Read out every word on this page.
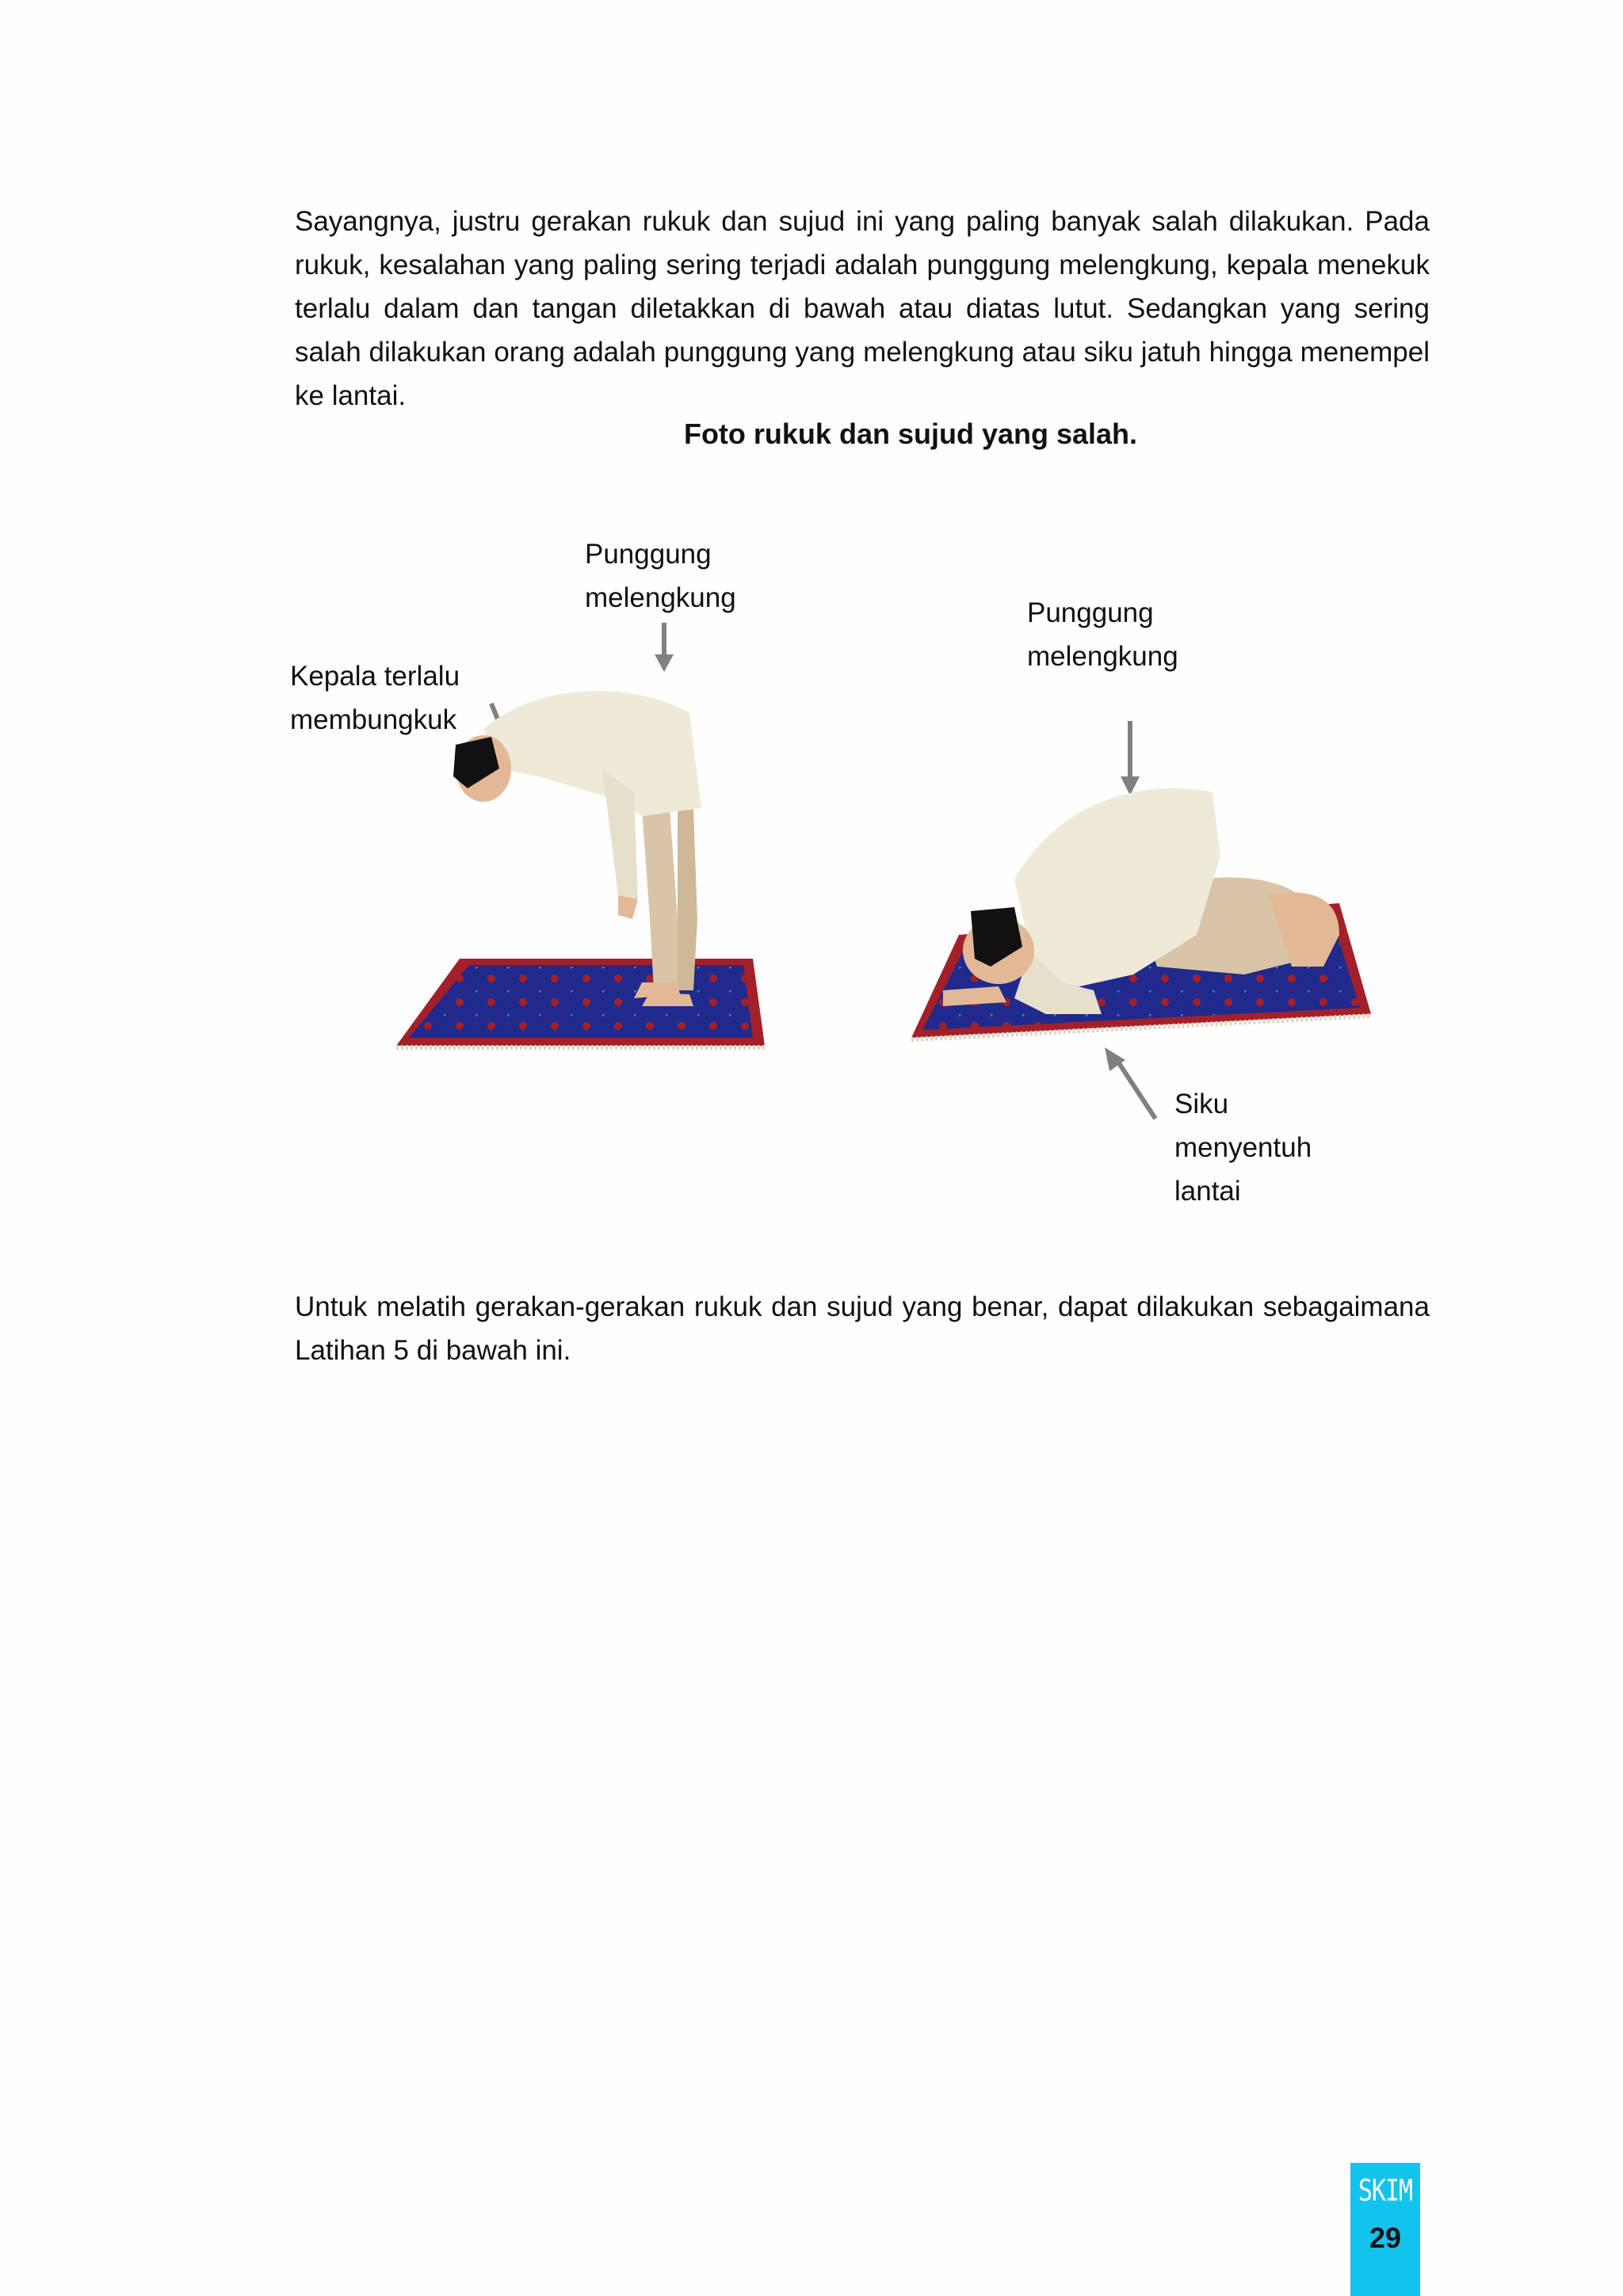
Sayangnya, justru gerakan rukuk dan sujud ini yang paling banyak salah dilakukan. Pada rukuk, kesalahan yang paling sering terjadi adalah punggung melengkung, kepala menekuk terlalu dalam dan tangan diletakkan di bawah atau diatas lutut. Sedangkan yang sering salah dilakukan orang adalah punggung yang melengkung atau siku jatuh hingga menempel ke lantai.

Foto rukuk dan sujud yang salah.

Punggung
melengkung
Kepala terlalu
membungkuk
Punggung
melengkung
Siku
menyentuh
lantai

Untuk melatih gerakan-gerakan rukuk dan sujud yang benar, dapat dilakukan sebagaimana Latihan 5 di bawah ini.

SKIM
29
